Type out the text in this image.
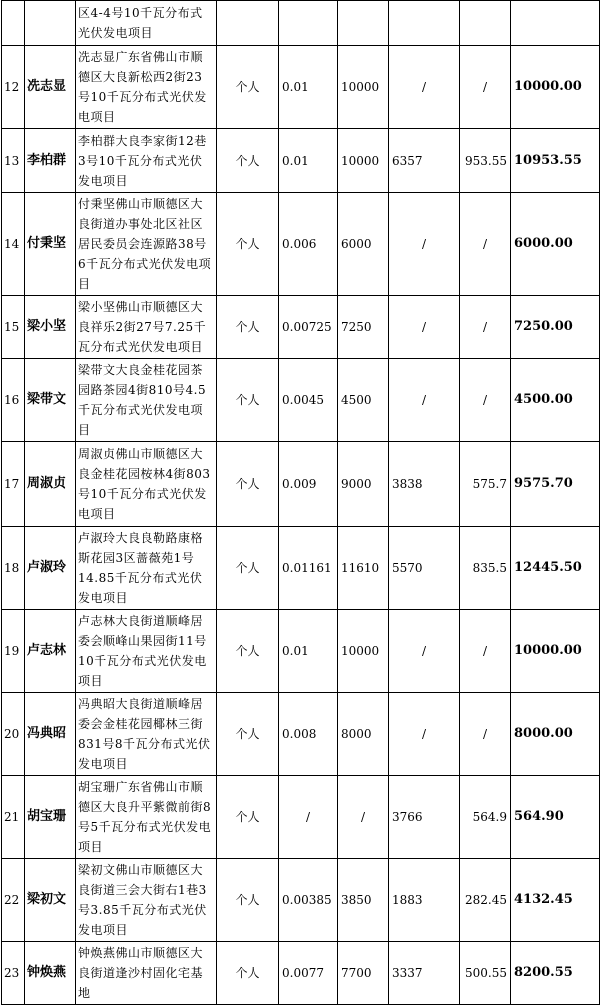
		区4-4号10千瓦分布式光伏发电项目						
12	冼志显	冼志显广东省佛山市顺德区大良新松西2街23号10千瓦分布式光伏发电项目	个人	0.01	10000	/	/	10000.00
13	李柏群	李柏群大良李家街12巷3号10千瓦分布式光伏发电项目	个人	0.01	10000	6357	953.55	10953.55
14	付秉坚	付秉坚佛山市顺德区大良街道办事处北区社区居民委员会连源路38号6千瓦分布式光伏发电项目	个人	0.006	6000	/	/	6000.00
15	梁小坚	梁小坚佛山市顺德区大良祥乐2街27号7.25千瓦分布式光伏发电项目	个人	0.00725	7250	/	/	7250.00
16	梁带文	梁带文大良金桂花园茶园路茶园4街810号4.5千瓦分布式光伏发电项目	个人	0.0045	4500	/	/	4500.00
17	周淑贞	周淑贞佛山市顺德区大良金桂花园桉林4街803号10千瓦分布式光伏发电项目	个人	0.009	9000	3838	575.7	9575.70
18	卢淑玲	卢淑玲大良良勒路康格斯花园3区蔷薇苑1号14.85千瓦分布式光伏发电项目	个人	0.01161	11610	5570	835.5	12445.50
19	卢志林	卢志林大良街道顺峰居委会顺峰山果园街11号10千瓦分布式光伏发电项目	个人	0.01	10000	/	/	10000.00
20	冯典昭	冯典昭大良街道顺峰居委会金桂花园椰林三街831号8千瓦分布式光伏发电项目	个人	0.008	8000	/	/	8000.00
21	胡宝珊	胡宝珊广东省佛山市顺德区大良升平紫微前街8号5千瓦分布式光伏发电项目	个人	/	/	3766	564.9	564.90
22	梁初文	梁初文佛山市顺德区大良街道三会大街右1巷3号3.85千瓦分布式光伏发电项目	个人	0.00385	3850	1883	282.45	4132.45
23	钟焕燕	钟焕燕佛山市顺德区大良街道逢沙村固化宅基地	个人	0.0077	7700	3337	500.55	8200.55
